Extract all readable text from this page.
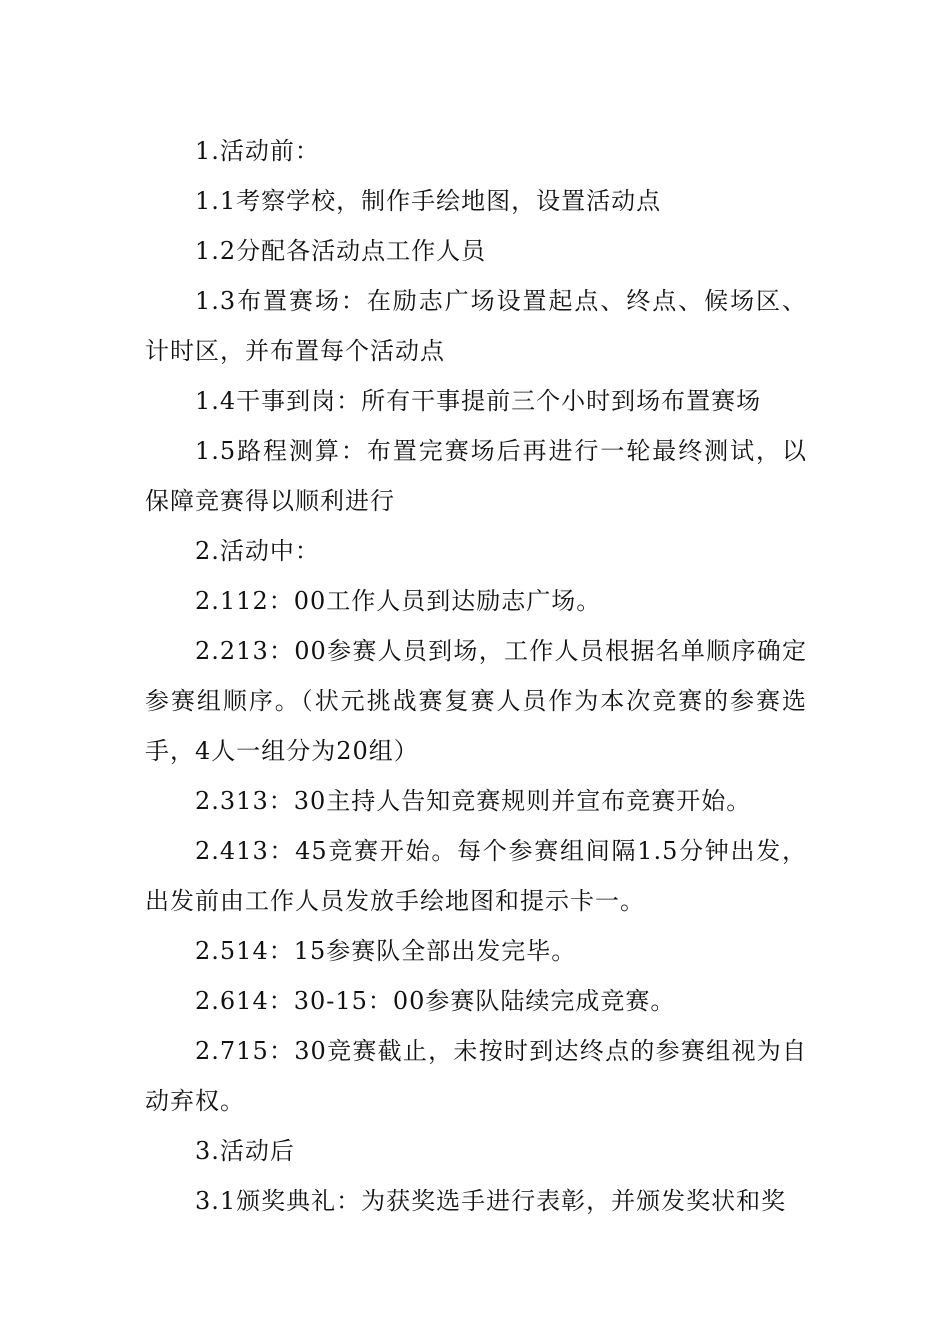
1.活动前：

1.1考察学校，制作手绘地图，设置活动点

1.2分配各活动点工作人员

1.3布置赛场：在励志广场设置起点、终点、候场区、计时区，并布置每个活动点

1.4干事到岗：所有干事提前三个小时到场布置赛场

1.5路程测算：布置完赛场后再进行一轮最终测试，以保障竞赛得以顺利进行

2.活动中：

2.112：00工作人员到达励志广场。

2.213：00参赛人员到场，工作人员根据名单顺序确定参赛组顺序。（状元挑战赛复赛人员作为本次竞赛的参赛选手，4人一组分为20组）

2.313：30主持人告知竞赛规则并宣布竞赛开始。

2.413：45竞赛开始。每个参赛组间隔1.5分钟出发，出发前由工作人员发放手绘地图和提示卡一。

2.514：15参赛队全部出发完毕。

2.614：30-15：00参赛队陆续完成竞赛。

2.715：30竞赛截止，未按时到达终点的参赛组视为自动弃权。

3.活动后

3.1颁奖典礼：为获奖选手进行表彰，并颁发奖状和奖
